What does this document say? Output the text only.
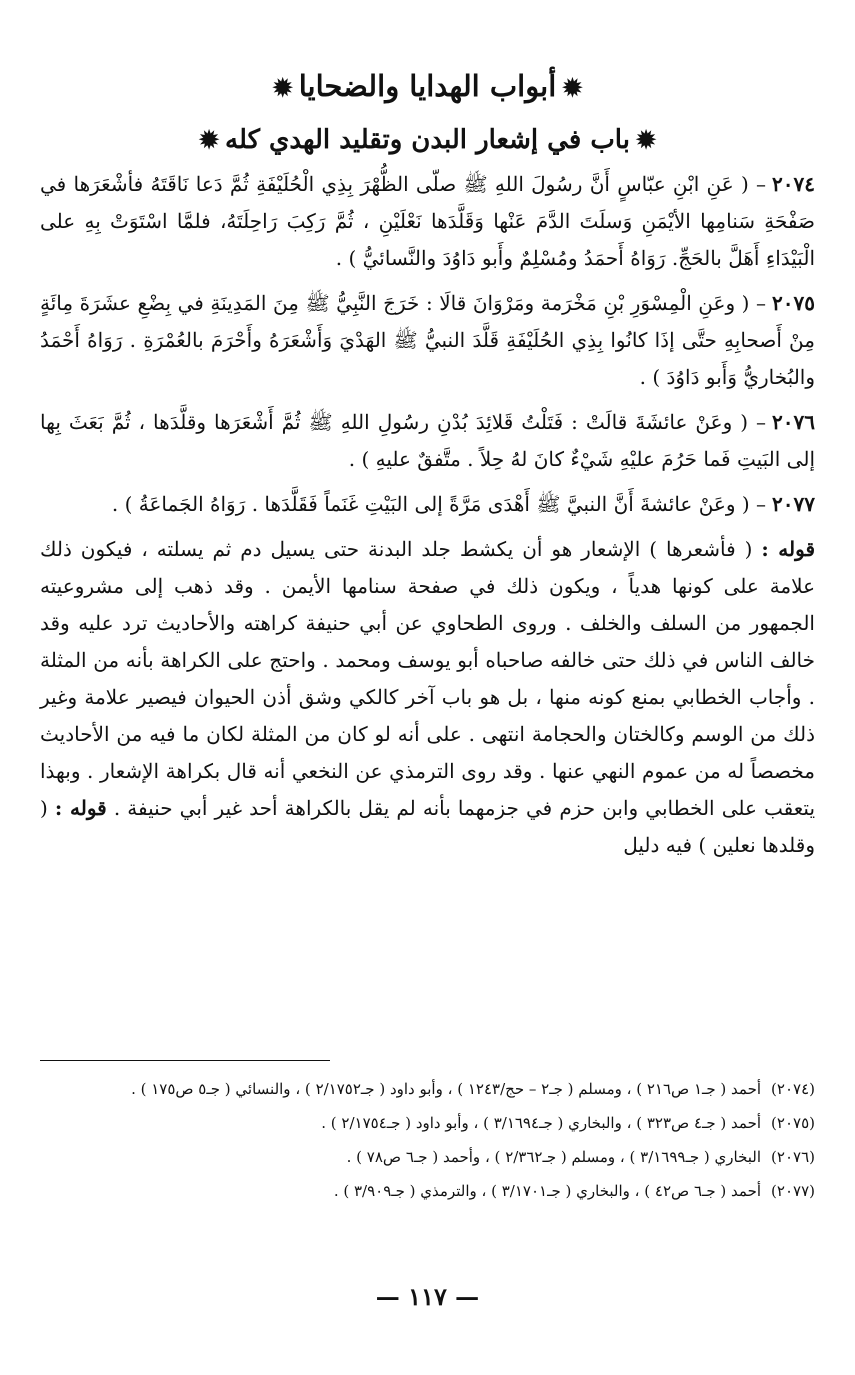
✹أبواب الهدايا والضحايا✹

✹باب في إشعار البدن وتقليد الهدي كله✹

٢٠٧٤– ( عَنِ ابْنِ عبّاسٍ أَنَّ رسُولَ اللهِ ﷺ صلّى الظُّهْرَ بِذِي الْحُلَيْفَةِ ثُمَّ دَعا نَاقَتَهُ فأشْعَرَها في صَفْحَةِ سَنامِها الأيْمَنِ وَسلَتَ الدَّمَ عَنْها وَقَلَّدَها نَعْلَيْنِ ، ثُمَّ رَكِبَ رَاحِلَتَهُ، فلمَّا اسْتَوَتْ بِهِ على الْبَيْدَاءِ أَهَلَّ بالحَجِّ. رَوَاهُ أَحمَدُ ومُسْلِمٌ وأَبو دَاوُدَ والنَّسائيُّ ) .

٢٠٧٥– ( وعَنِ الْمِسْوَرِ بْنِ مَخْرَمة ومَرْوَانَ قالَا : خَرَجَ النَّبِيُّ ﷺ مِنَ المَدِينَةِ في بِضْعِ عشَرَةَ مِائَةٍ مِنْ أَصحابِهِ حتَّى إذَا كانُوا بِذِي الحُلَيْفَةِ قَلَّدَ النبيُّ ﷺ الهَدْيَ وَأَشْعَرَهُ وأَحْرَمَ بالعُمْرَةِ . رَوَاهُ أَحْمَدُ والبُخاريُّ وَأَبو دَاوُدَ ) .

٢٠٧٦– ( وعَنْ عائشَةَ قالَتْ : فَتَلْتُ قَلائِدَ بُدْنِ رسُولِ اللهِ ﷺ ثُمَّ أَشْعَرَها وقلَّدَها ، ثُمَّ بَعَثَ بِها إلى البَيتِ فَما حَرُمَ عليْهِ شَيْءٌ كانَ لهُ حِلاً . متَّفقٌ عليهِ ) .

٢٠٧٧– ( وعَنْ عائشةَ أَنَّ النبيَّ ﷺ أَهْدَى مَرَّةً إلى البَيْتِ غَنَماً فَقَلَّدَها . رَوَاهُ الجَماعَةُ ) .

قوله : ( فأشعرها ) الإشعار هو أن يكشط جلد البدنة حتى يسيل دم ثم يسلته ، فيكون ذلك علامة على كونها هدياً ، ويكون ذلك في صفحة سنامها الأيمن . وقد ذهب إلى مشروعيته الجمهور من السلف والخلف . وروى الطحاوي عن أبي حنيفة كراهته والأحاديث ترد عليه وقد خالف الناس في ذلك حتى خالفه صاحباه أبو يوسف ومحمد . واحتج على الكراهة بأنه من المثلة . وأجاب الخطابي بمنع كونه منها ، بل هو باب آخر كالكي وشق أذن الحيوان فيصير علامة وغير ذلك من الوسم وكالختان والحجامة انتهى . على أنه لو كان من المثلة لكان ما فيه من الأحاديث مخصصاً له من عموم النهي عنها . وقد روى الترمذي عن النخعي أنه قال بكراهة الإشعار . وبهذا يتعقب على الخطابي وابن حزم في جزمهما بأنه لم يقل بالكراهة أحد غير أبي حنيفة . قوله : ( وقلدها نعلين ) فيه دليل

(٢٠٧٤)أحمد ( جـ١ ص٢١٦ ) ، ومسلم ( جـ٢ – حج/١٢٤٣ ) ، وأبو داود ( جـ٢/١٧٥٢ ) ، والنسائي ( جـ٥ ص١٧٥ ) .

(٢٠٧٥)أحمد ( جـ٤ ص٣٢٣ ) ، والبخاري ( جـ٣/١٦٩٤ ) ، وأبو داود ( جـ٢/١٧٥٤ ) .

(٢٠٧٦)البخاري ( جـ٣/١٦٩٩ ) ، ومسلم ( جـ٢/٣٦٢ ) ، وأحمد ( جـ٦ ص٧٨ ) .

(٢٠٧٧)أحمد ( جـ٦ ص٤٢ ) ، والبخاري ( جـ٣/١٧٠١ ) ، والترمذي ( جـ٣/٩٠٩ ) .

— ١١٧ —
